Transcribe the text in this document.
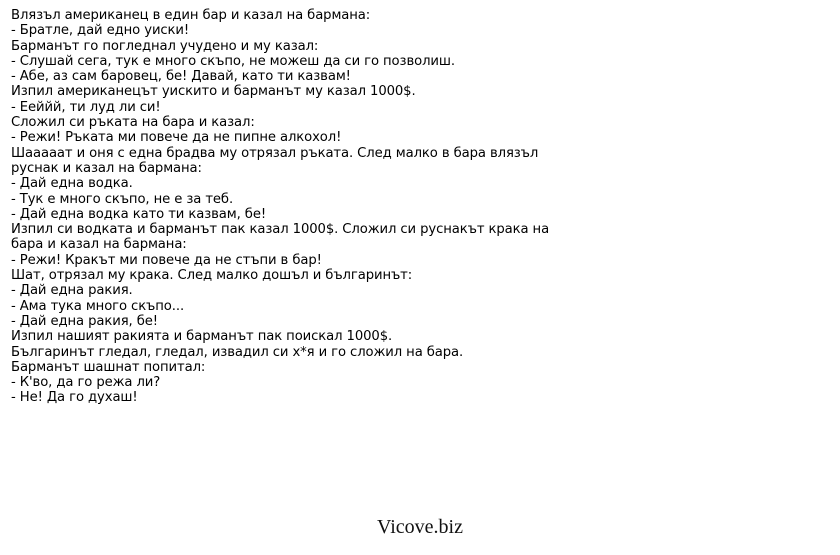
Влязъл американец в един бар и казал на бармана:
- Братле, дай едно уиски!
Барманът го погледнал учудено и му казал:
- Слушай сега, тук е много скъпо, не можеш да си го позволиш.
- Абе, аз сам баровец, бе! Давай, като ти казвам!
Изпил американецът уискито и барманът му казал 1000$.
- Ееййй, ти луд ли си!
Сложил си ръката на бара и казал:
- Режи! Ръката ми повече да не пипне алкохол!
Шааааат и оня с една брадва му отрязал ръката. След малко в бара влязъл
руснак и казал на бармана:
- Дай една водка.
- Тук е много скъпо, не е за теб.
- Дай една водка като ти казвам, бе!
Изпил си водката и барманът пак казал 1000$. Сложил си руснакът крака на
бара и казал на бармана:
- Режи! Кракът ми повече да не стъпи в бар!
Шат, отрязал му крака. След малко дошъл и българинът:
- Дай една ракия.
- Ама тука много скъпо...
- Дай една ракия, бе!
Изпил нашият ракията и барманът пак поискал 1000$.
Българинът гледал, гледал, извадил си х*я и го сложил на бара.
Барманът шашнат попитал:
- К'во, да го режа ли?
- Не! Да го духаш!
Vicove.biz
